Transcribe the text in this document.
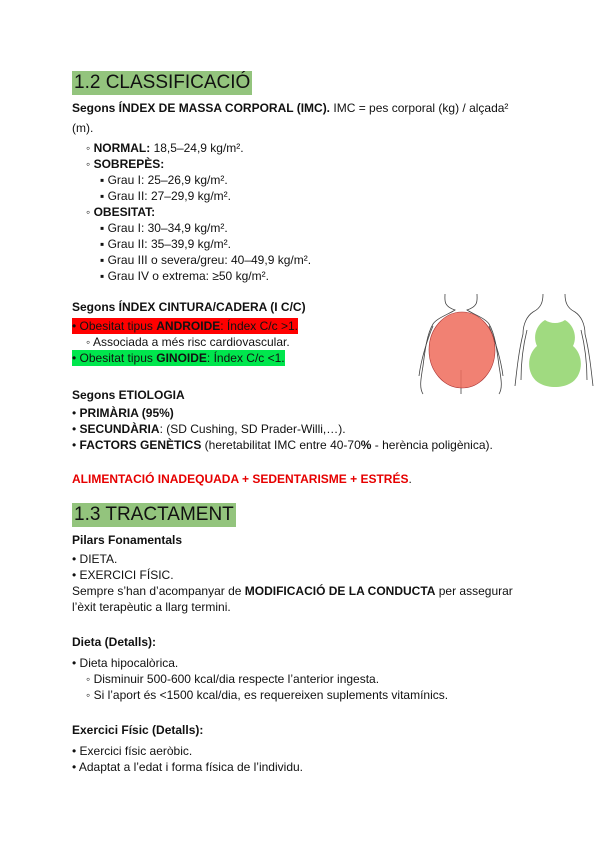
1.2 CLASSIFICACIÓ
Segons ÍNDEX DE MASSA CORPORAL (IMC). IMC = pes corporal (kg) / alçada²
(m).
◦ NORMAL: 18,5–24,9 kg/m².
◦ SOBREPÈS:
▪ Grau I: 25–26,9 kg/m².
▪ Grau II: 27–29,9 kg/m².
◦ OBESITAT:
▪ Grau I: 30–34,9 kg/m².
▪ Grau II: 35–39,9 kg/m².
▪ Grau III o severa/greu: 40–49,9 kg/m².
▪ Grau IV o extrema: ≥50 kg/m².
Segons ÍNDEX CINTURA/CADERA (I C/C)
• Obesitat tipus ANDROIDE: Índex C/c >1.
◦ Associada a més risc cardiovascular.
• Obesitat tipus GINOIDE: Índex C/c <1.
Segons ETIOLOGIA
• PRIMÀRIA (95%)
• SECUNDÀRIA: (SD Cushing, SD Prader-Willi,…).
• FACTORS GENÈTICS (heretabilitat IMC entre 40-70% - herència poligènica).
ALIMENTACIÓ INADEQUADA + SEDENTARISME + ESTRÉS.
1.3 TRACTAMENT
Pilars Fonamentals
• DIETA.
• EXERCICI FÍSIC.
Sempre s’han d’acompanyar de MODIFICACIÓ DE LA CONDUCTA per assegurar
l’èxit terapèutic a llarg termini.
Dieta (Detalls):
• Dieta hipocalòrica.
◦ Disminuir 500-600 kcal/dia respecte l’anterior ingesta.
◦ Si l’aport és <1500 kcal/dia, es requereixen suplements vitamínics.
Exercici Físic (Detalls):
• Exercici físic aeròbic.
• Adaptat a l’edat i forma física de l’individu.
